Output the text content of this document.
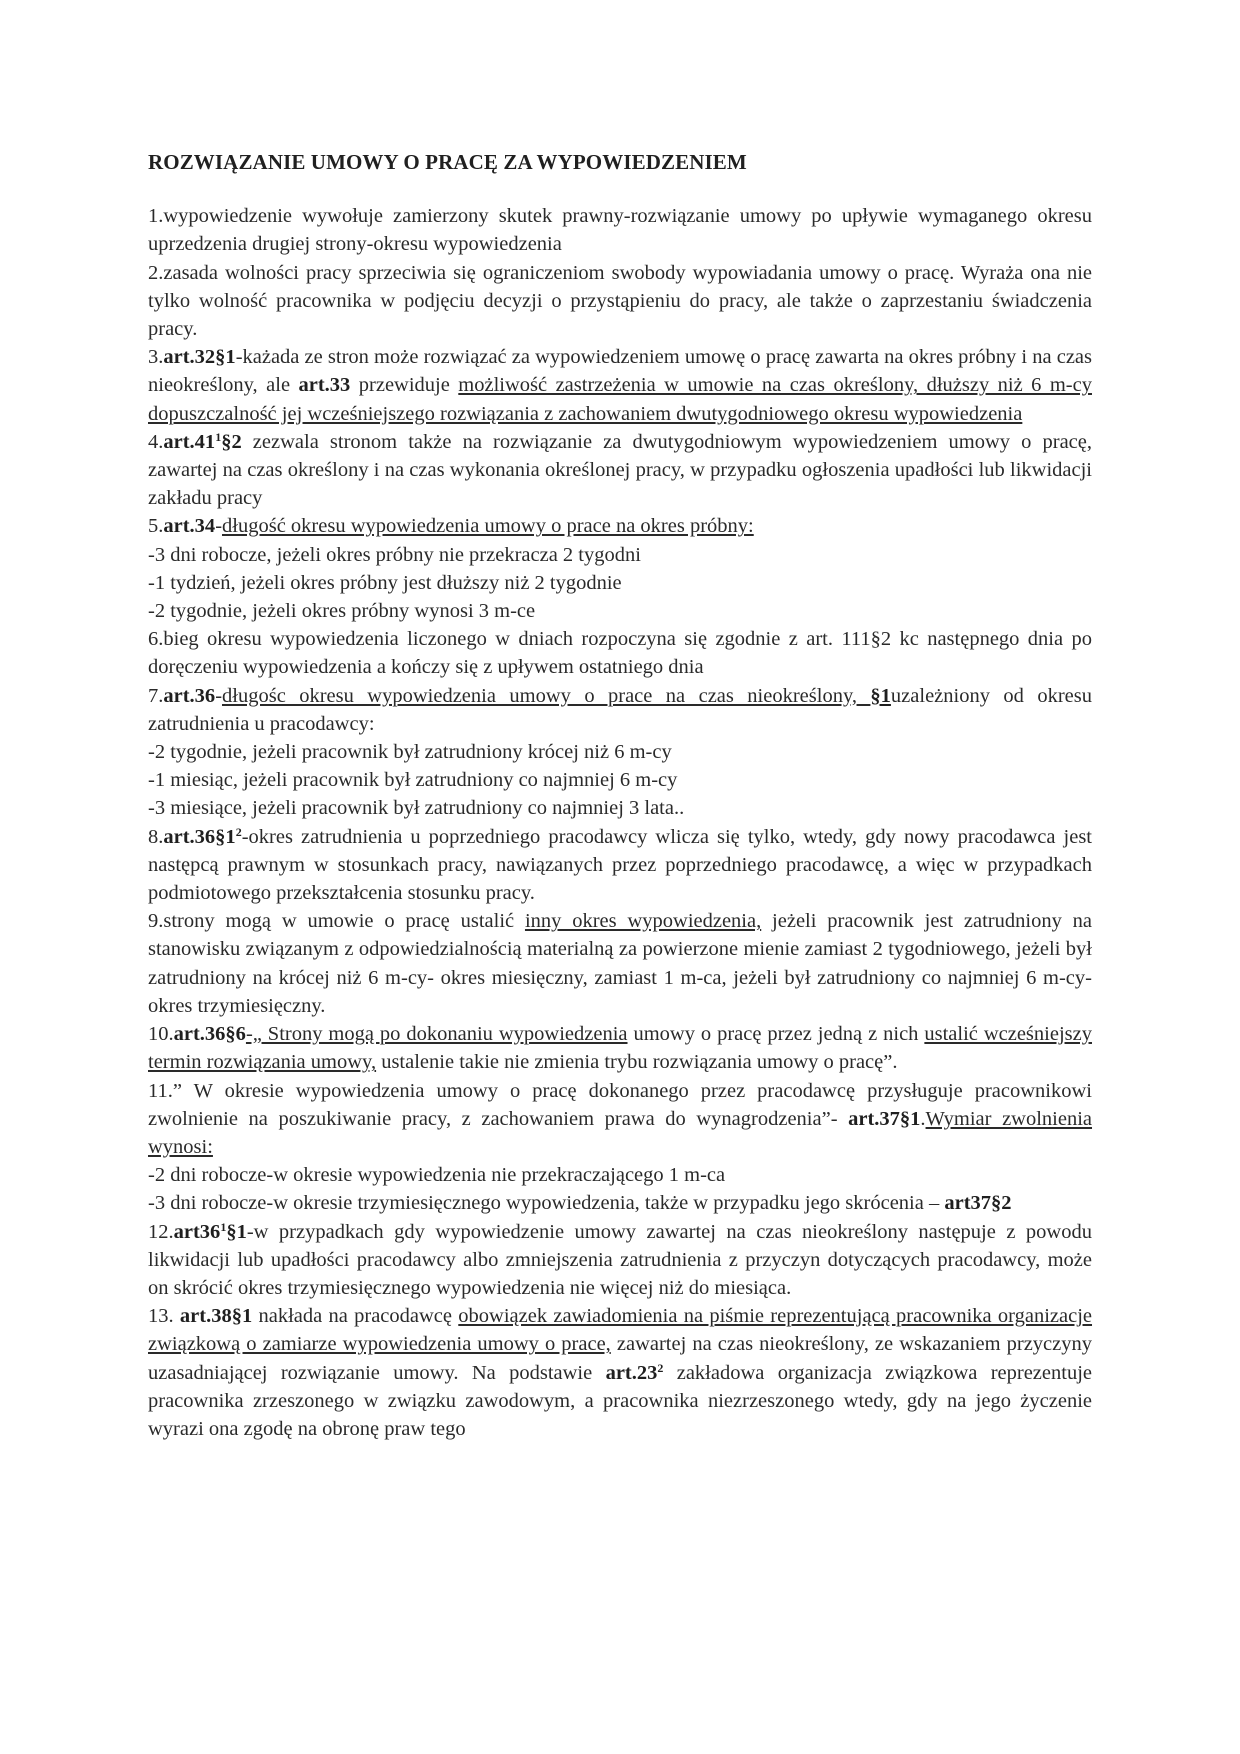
ROZWIĄZANIE UMOWY O PRACĘ ZA WYPOWIEDZENIEM

1.wypowiedzenie wywołuje zamierzony skutek prawny-rozwiązanie umowy po upływie wymaganego okresu uprzedzenia drugiej strony-okresu wypowiedzenia

2.zasada wolności pracy sprzeciwia się ograniczeniom swobody wypowiadania umowy o pracę. Wyraża ona nie tylko wolność pracownika w podjęciu decyzji o przystąpieniu do pracy, ale także o zaprzestaniu świadczenia pracy.

3.art.32§1-każada ze stron może rozwiązać za wypowiedzeniem umowę o pracę zawarta na okres próbny i na czas nieokreślony, ale art.33 przewiduje możliwość zastrzeżenia w umowie na czas określony, dłuższy niż 6 m-cy dopuszczalność jej wcześniejszego rozwiązania z zachowaniem dwutygodniowego okresu wypowiedzenia

$4.art.41^1\S 2$ zezwala stronom także na rozwiązanie za dwutygodniowym wypowiedzeniem umowy o pracę, zawartej na czas określony i na czas wykonania określonej pracy, w przypadku ogłoszenia upadłości lub likwidacji zakładu pracy

5.art.34-długość okresu wypowiedzenia umowy o prace na okres próbny:

-3 dni robocze, jeżeli okres próbny nie przekracza 2 tygodni

-1 tydzień, jeżeli okres próbny jest dłuższy niż 2 tygodnie

-2 tygodnie, jeżeli okres próbny wynosi 3 m-ce

6.bieg okresu wypowiedzenia liczonego w dniach rozpoczyna się zgodnie z art. 111§2 kc następnego dnia po doręczeniu wypowiedzenia a kończy się z upływem ostatniego dnia

7.art.36-długośc okresu wypowiedzenia umowy o prace na czas nieokreślony, §1uzależniony od okresu zatrudnienia u pracodawcy:

-2 tygodnie, jeżeli pracownik był zatrudniony krócej niż 6 m-cy

-1 miesiąc, jeżeli pracownik był zatrudniony co najmniej 6 m-cy

-3 miesiące, jeżeli pracownik był zatrudniony co najmniej 3 lata..

$8.art.36\S 1^2$-okres zatrudnienia u poprzedniego pracodawcy wlicza się tylko, wtedy, gdy nowy pracodawca jest następcą prawnym w stosunkach pracy, nawiązanych przez poprzedniego pracodawcę, a więc w przypadkach podmiotowego przekształcenia stosunku pracy.

9.strony mogą w umowie o pracę ustalić inny okres wypowiedzenia, jeżeli pracownik jest zatrudniony na stanowisku związanym z odpowiedzialnością materialną za powierzone mienie zamiast 2 tygodniowego, jeżeli był zatrudniony na krócej niż 6 m-cy- okres miesięczny, zamiast 1 m-ca, jeżeli był zatrudniony co najmniej 6 m-cy- okres trzymiesięczny.

10.art.36§6-„ Strony mogą po dokonaniu wypowiedzenia umowy o pracę przez jedną z nich ustalić wcześniejszy termin rozwiązania umowy, ustalenie takie nie zmienia trybu rozwiązania umowy o pracę”.

11.” W okresie wypowiedzenia umowy o pracę dokonanego przez pracodawcę przysługuje pracownikowi zwolnienie na poszukiwanie pracy, z zachowaniem prawa do wynagrodzenia”- art.37§1.Wymiar zwolnienia wynosi:

-2 dni robocze-w okresie wypowiedzenia nie przekraczającego 1 m-ca

-3 dni robocze-w okresie trzymiesięcznego wypowiedzenia, także w przypadku jego skrócenia – art37§2

$12.art36^1\S 1-w$ przypadkach gdy wypowiedzenie umowy zawartej na czas nieokreślony następuje z powodu likwidacji lub upadłości pracodawcy albo zmniejszenia zatrudnienia z przyczyn dotyczących pracodawcy, może on skrócić okres trzymiesięcznego wypowiedzenia nie więcej niż do miesiąca.

13. art.38§1 nakłada na pracodawcę obowiązek zawiadomienia na piśmie reprezentującą pracownika organizacje związkową o zamiarze wypowiedzenia umowy o prace, zawartej na czas nieokreślony, ze wskazaniem przyczyny uzasadniającej rozwiązanie umowy. Na podstawie $art.23^2$ zakładowa organizacja związkowa reprezentuje pracownika zrzeszonego w związku zawodowym, a pracownika niezrzeszonego wtedy, gdy na jego życzenie wyrazi ona zgodę na obronę praw tego
